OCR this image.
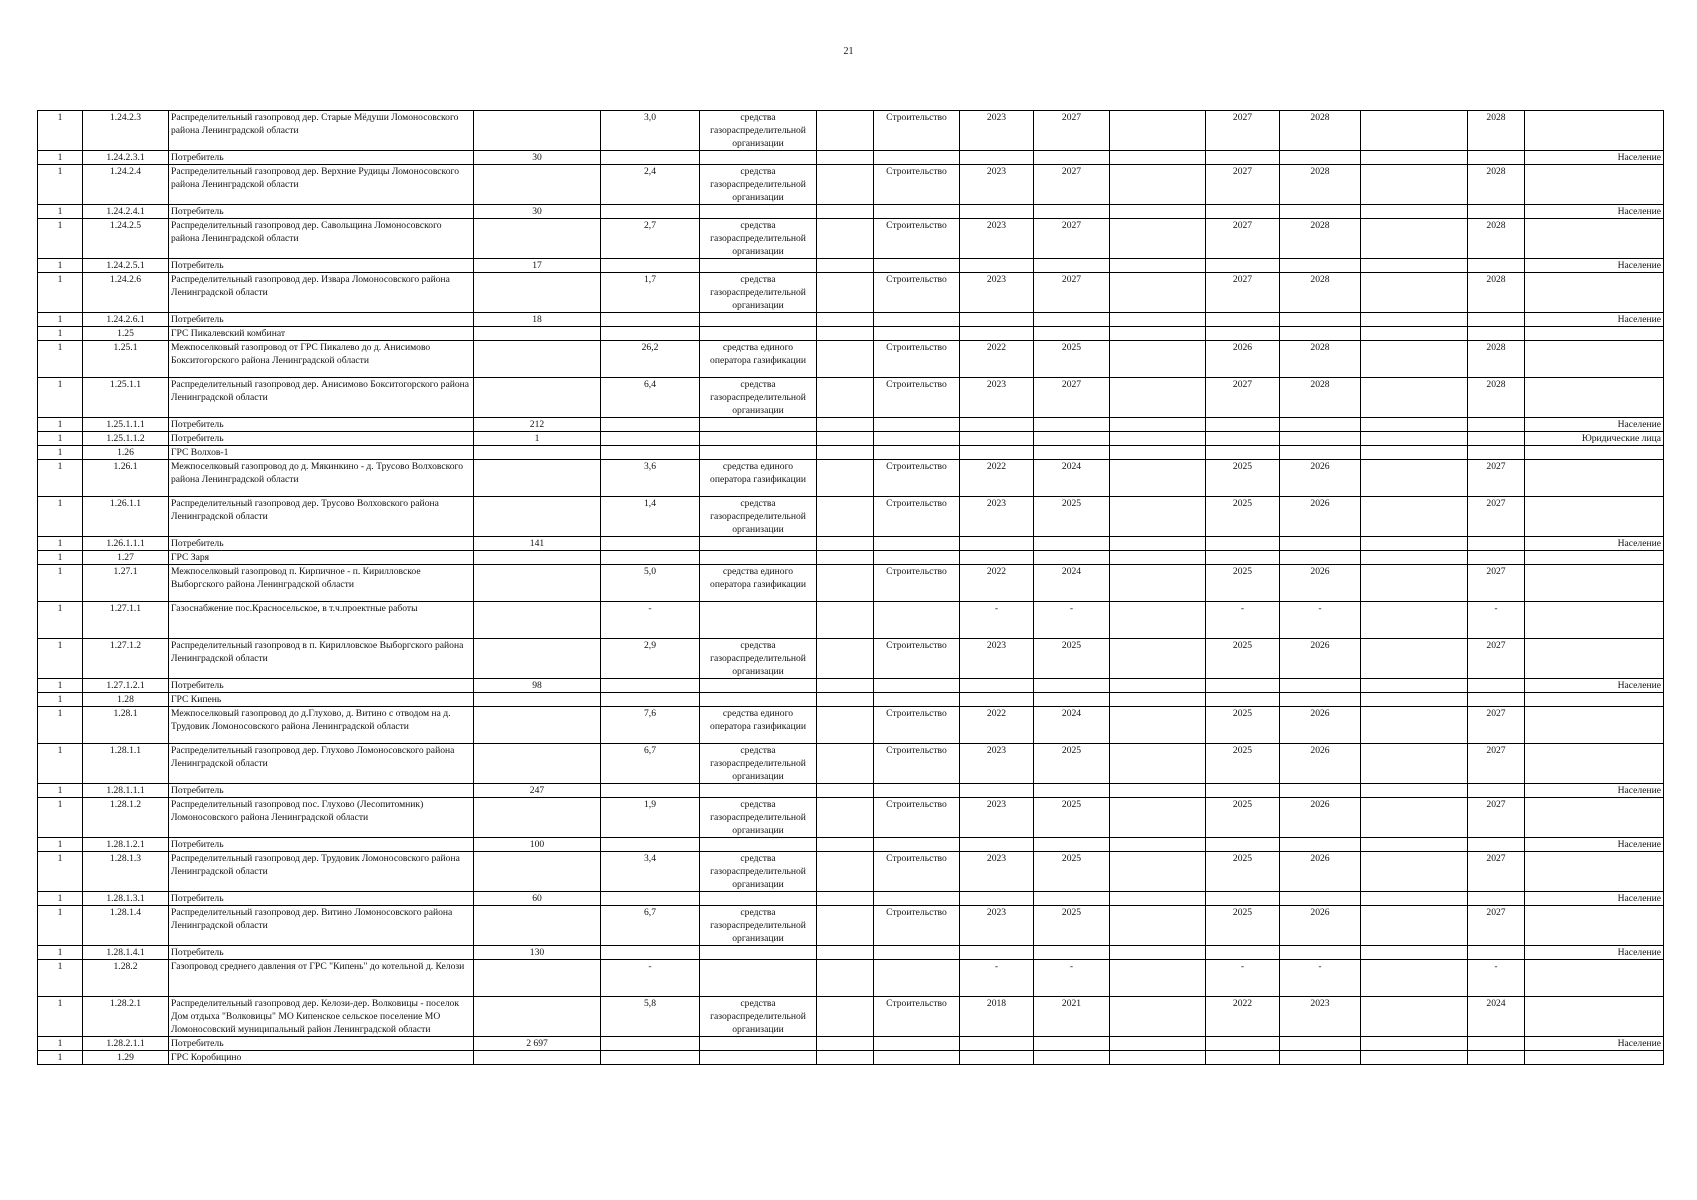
21
1	1.24.2.3	Распределительный газопровод дер. Старые Мёдуши Ломоносовского района Ленинградской области		3,0	средства газораспределительной организации		Строительство	2023	2027		2027	2028		2028	
1	1.24.2.3.1	Потребитель	30												Население
1	1.24.2.4	Распределительный газопровод дер. Верхние Рудицы Ломоносовского района Ленинградской области		2,4	средства газораспределительной организации		Строительство	2023	2027		2027	2028		2028	
1	1.24.2.4.1	Потребитель	30												Население
1	1.24.2.5	Распределительный газопровод дер. Савольщина Ломоносовского района Ленинградской области		2,7	средства газораспределительной организации		Строительство	2023	2027		2027	2028		2028	
1	1.24.2.5.1	Потребитель	17												Население
1	1.24.2.6	Распределительный газопровод дер. Извара Ломоносовского района Ленинградской области		1,7	средства газораспределительной организации		Строительство	2023	2027		2027	2028		2028	
1	1.24.2.6.1	Потребитель	18												Население
1	1.25	ГРС Пикалевский комбинат													
1	1.25.1	Межпоселковый газопровод от ГРС Пикалево до д. Анисимово Бокситогорского района Ленинградской области		26,2	средства единого оператора газификации		Строительство	2022	2025		2026	2028		2028	
1	1.25.1.1	Распределительный газопровод дер. Анисимово Бокситогорского района Ленинградской области		6,4	средства газораспределительной организации		Строительство	2023	2027		2027	2028		2028	
1	1.25.1.1.1	Потребитель	212												Население
1	1.25.1.1.2	Потребитель	1												Юридические лица
1	1.26	ГРС Волхов-1													
1	1.26.1	Межпоселковый газопровод до д. Мякинкино - д. Трусово Волховского района Ленинградской области		3,6	средства единого оператора газификации		Строительство	2022	2024		2025	2026		2027	
1	1.26.1.1	Распределительный газопровод дер. Трусово Волховского района Ленинградской области		1,4	средства газораспределительной организации		Строительство	2023	2025		2025	2026		2027	
1	1.26.1.1.1	Потребитель	141												Население
1	1.27	ГРС Заря													
1	1.27.1	Межпоселковый газопровод п. Кирпичное - п. Кирилловское Выборгского района Ленинградской области		5,0	средства единого оператора газификации		Строительство	2022	2024		2025	2026		2027	
1	1.27.1.1	Газоснабжение пос.Красносельское, в т.ч.проектные работы		-				-	-		-	-		-	
1	1.27.1.2	Распределительный газопровод в п. Кирилловское Выборгского района Ленинградской области		2,9	средства газораспределительной организации		Строительство	2023	2025		2025	2026		2027	
1	1.27.1.2.1	Потребитель	98												Население
1	1.28	ГРС Кипень													
1	1.28.1	Межпоселковый газопровод до д.Глухово, д. Витино с отводом на д. Трудовик Ломоносовского района Ленинградской области		7,6	средства единого оператора газификации		Строительство	2022	2024		2025	2026		2027	
1	1.28.1.1	Распределительный газопровод дер. Глухово Ломоносовского района Ленинградской области		6,7	средства газораспределительной организации		Строительство	2023	2025		2025	2026		2027	
1	1.28.1.1.1	Потребитель	247												Население
1	1.28.1.2	Распределительный газопровод пос. Глухово (Лесопитомник) Ломоносовского района Ленинградской области		1,9	средства газораспределительной организации		Строительство	2023	2025		2025	2026		2027	
1	1.28.1.2.1	Потребитель	100												Население
1	1.28.1.3	Распределительный газопровод дер. Трудовик Ломоносовского района Ленинградской области		3,4	средства газораспределительной организации		Строительство	2023	2025		2025	2026		2027	
1	1.28.1.3.1	Потребитель	60												Население
1	1.28.1.4	Распределительный газопровод дер. Витино Ломоносовского района Ленинградской области		6,7	средства газораспределительной организации		Строительство	2023	2025		2025	2026		2027	
1	1.28.1.4.1	Потребитель	130												Население
1	1.28.2	Газопровод среднего давления от ГРС "Кипень" до котельной д. Келози		-				-	-		-	-		-	
1	1.28.2.1	Распределительный газопровод дер. Келози-дер. Волковицы - поселок Дом отдыха "Волковицы" МО Кипенское сельское поселение МО Ломоносовский муниципальный район Ленинградской области		5,8	средства газораспределительной организации		Строительство	2018	2021		2022	2023		2024	
1	1.28.2.1.1	Потребитель	2 697												Население
1	1.29	ГРС Коробицино													
